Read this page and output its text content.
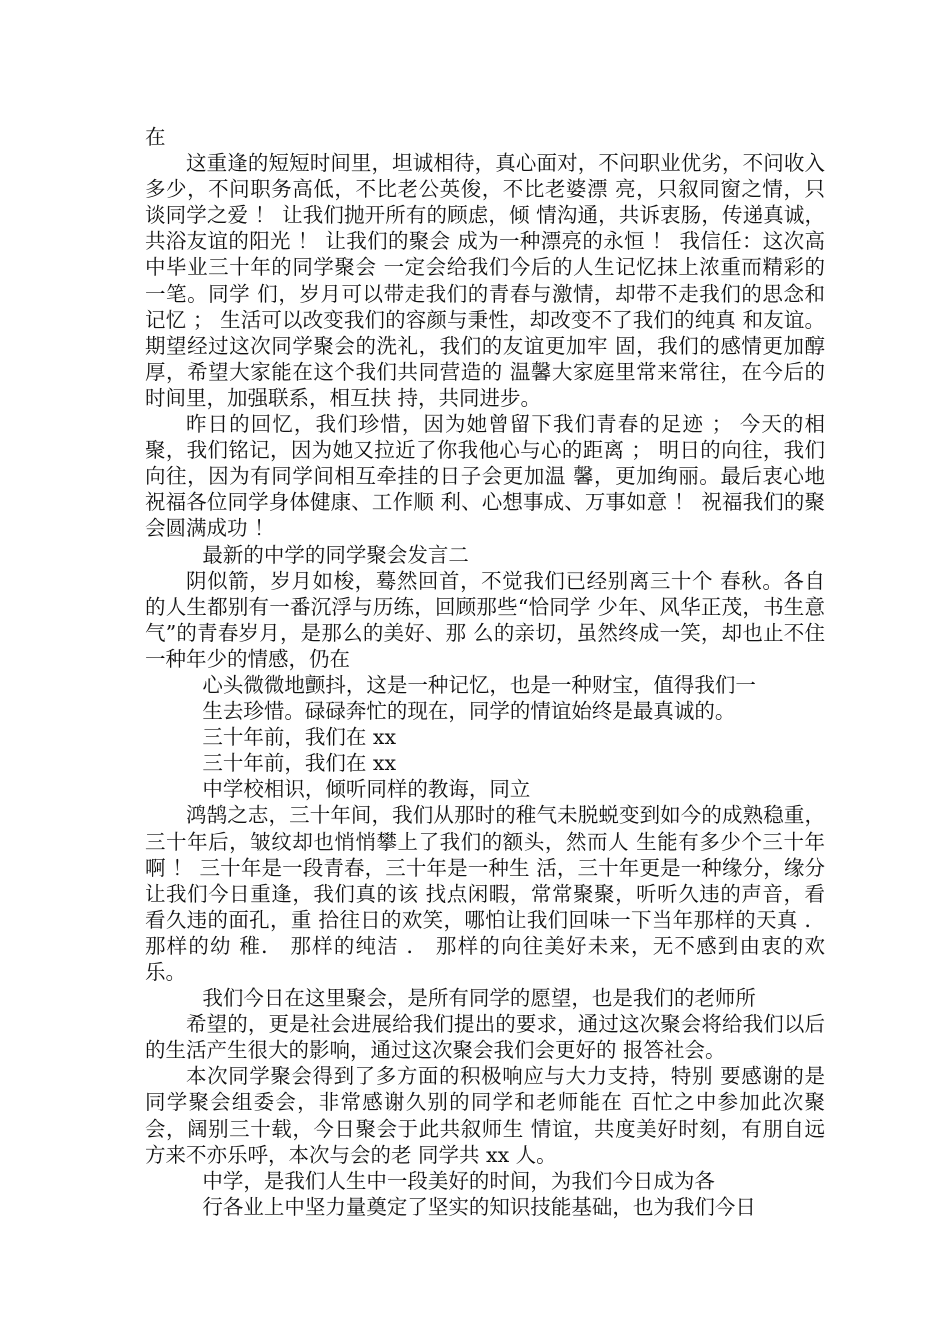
在

这重逢的短短时间里，坦诚相待，真心面对，不问职业优劣，不问收入多少，不问职务高低，不比老公英俊，不比老婆漂 亮，只叙同窗之情，只谈同学之爱 ！ 让我们抛开所有的顾虑，倾 情沟通，共诉衷肠，传递真诚，共浴友谊的阳光 ！ 让我们的聚会 成为一种漂亮的永恒 ！ 我信任：这次高中毕业三十年的同学聚会 一定会给我们今后的人生记忆抹上浓重而精彩的一笔。同学 们，岁月可以带走我们的青春与激情，却带不走我们的思念和 记忆 ； 生活可以改变我们的容颜与秉性，却改变不了我们的纯真 和友谊。期望经过这次同学聚会的洗礼，我们的友谊更加牢 固，我们的感情更加醇厚，希望大家能在这个我们共同营造的 温馨大家庭里常来常往，在今后的时间里，加强联系，相互扶 持，共同进步。

昨日的回忆，我们珍惜，因为她曾留下我们青春的足迹 ； 今天的相聚，我们铭记，因为她又拉近了你我他心与心的距离 ； 明日的向往，我们向往，因为有同学间相互牵挂的日子会更加温 馨，更加绚丽。最后衷心地祝福各位同学身体健康、工作顺 利、心想事成、万事如意 ！ 祝福我们的聚会圆满成功 ！

最新的中学的同学聚会发言二

阴似箭，岁月如梭，蓦然回首，不觉我们已经别离三十个 春秋。各自的人生都别有一番沉浮与历练，回顾那些“恰同学 少年、风华正茂，书生意气”的青春岁月，是那么的美好、那 么的亲切，虽然终成一笑，却也止不住一种年少的情感，仍在

心头微微地颤抖，这是一种记忆，也是一种财宝，值得我们一

生去珍惜。碌碌奔忙的现在，同学的情谊始终是最真诚的。

三十年前，我们在 xx

三十年前，我们在 xx

中学校相识，倾听同样的教诲，同立

鸿鹄之志，三十年间，我们从那时的稚气未脱蜕变到如今的成熟稳重，三十年后，皱纹却也悄悄攀上了我们的额头，然而人 生能有多少个三十年啊 ！ 三十年是一段青春，三十年是一种生 活，三十年更是一种缘分，缘分让我们今日重逢，我们真的该 找点闲暇，常常聚聚，听听久违的声音，看看久违的面孔，重 拾往日的欢笑，哪怕让我们回味一下当年那样的天真 ． 那样的幼 稚． 那样的纯洁 ． 那样的向往美好未来，无不感到由衷的欢乐。

我们今日在这里聚会，是所有同学的愿望，也是我们的老师所

希望的，更是社会进展给我们提出的要求，通过这次聚会将给我们以后的生活产生很大的影响，通过这次聚会我们会更好的 报答社会。

本次同学聚会得到了多方面的积极响应与大力支持，特别 要感谢的是同学聚会组委会，非常感谢久别的同学和老师能在 百忙之中参加此次聚会，阔别三十载，今日聚会于此共叙师生 情谊，共度美好时刻，有朋自远方来不亦乐呼，本次与会的老 同学共 xx 人。

中学，是我们人生中一段美好的时间，为我们今日成为各

行各业上中坚力量奠定了坚实的知识技能基础，也为我们今日
